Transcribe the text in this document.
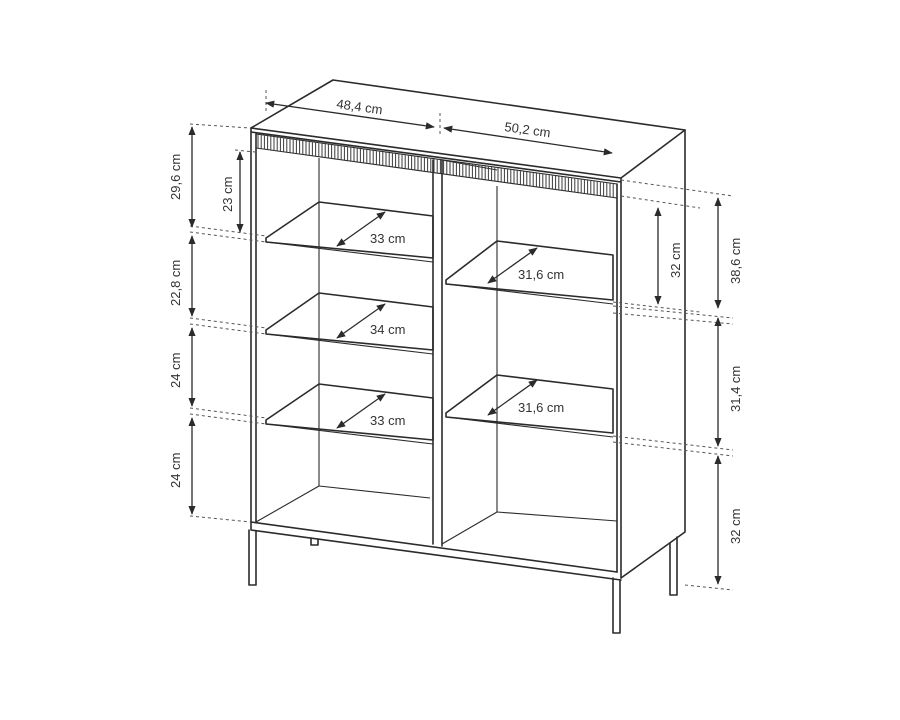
48,4 cm
50,2 cm
29,6 cm	23 cm
22,8 cm
24 cm
24 cm
38,6 cm
32 cm
31,4 cm
32 cm
33 cm
34 cm
33 cm
31,6 cm
31,6 cm
